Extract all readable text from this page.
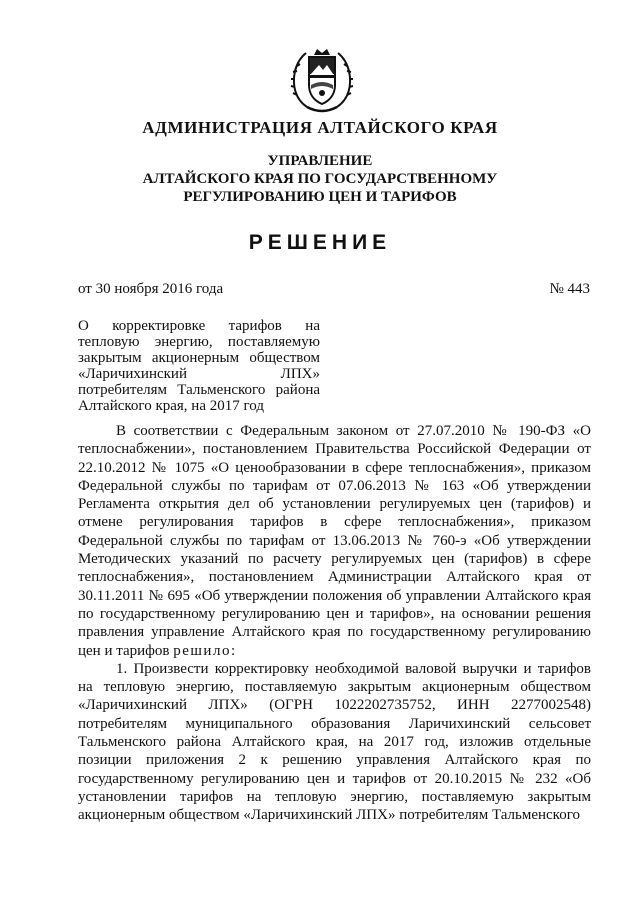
АДМИНИСТРАЦИЯ АЛТАЙСКОГО КРАЯ
УПРАВЛЕНИЕ
АЛТАЙСКОГО КРАЯ ПО ГОСУДАРСТВЕННОМУ
РЕГУЛИРОВАНИЮ ЦЕН И ТАРИФОВ
РЕШЕНИЕ
от 30 ноября 2016 года	№ 443
О корректировке тарифов на тепловую энергию, поставляемую закрытым акционерным обществом «Ларичихинский ЛПХ» потребителям Тальменского района Алтайского края, на 2017 год

В соответствии с Федеральным законом от 27.07.2010 № 190-ФЗ «О теплоснабжении», постановлением Правительства Российской Федерации от 22.10.2012 № 1075 «О ценообразовании в сфере теплоснабжения», приказом Федеральной службы по тарифам от 07.06.2013 № 163 «Об утверждении Регламента открытия дел об установлении регулируемых цен (тарифов) и отмене регулирования тарифов в сфере теплоснабжения», приказом Федеральной службы по тарифам от 13.06.2013 № 760-э «Об утверждении Методических указаний по расчету регулируемых цен (тарифов) в сфере теплоснабжения», постановлением Администрации Алтайского края от 30.11.2011 № 695 «Об утверждении положения об управлении Алтайского края по государственному регулированию цен и тарифов», на основании решения правления управление Алтайского края по государственному регулированию цен и тарифов решило:

1. Произвести корректировку необходимой валовой выручки и тарифов на тепловую энергию, поставляемую закрытым акционерным обществом «Ларичихинский ЛПХ» (ОГРН 1022202735752, ИНН 2277002548) потребителям муниципального образования Ларичихинский сельсовет Тальменского района Алтайского края, на 2017 год, изложив отдельные позиции приложения 2 к решению управления Алтайского края по государственному регулированию цен и тарифов от 20.10.2015 № 232 «Об установлении тарифов на тепловую энергию, поставляемую закрытым акционерным обществом «Ларичихинский ЛПХ» потребителям Тальменского
